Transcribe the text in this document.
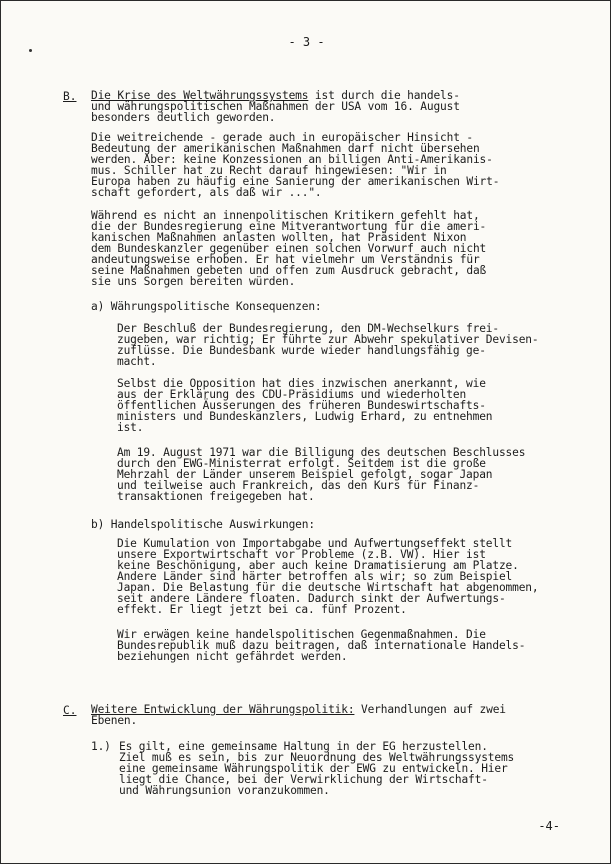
- 3 -

B. Die Krise des Weltwährungssystems ist durch die handels-

und währungspolitischen Maßnahmen der USA vom 16. August

besonders deutlich geworden.

Die weitreichende - gerade auch in europäischer Hinsicht -

Bedeutung der amerikanischen Maßnahmen darf nicht übersehen

werden. Aber: keine Konzessionen an billigen Anti-Amerikanis-

mus. Schiller hat zu Recht darauf hingewiesen: "Wir in

Europa haben zu häufig eine Sanierung der amerikanischen Wirt-

schaft gefordert, als daß wir ...".

Während es nicht an innenpolitischen Kritikern gefehlt hat,

die der Bundesregierung eine Mitverantwortung für die ameri-

kanischen Maßnahmen anlasten wollten, hat Präsident Nixon

dem Bundeskanzler gegenüber einen solchen Vorwurf auch nicht

andeutungsweise erhoben. Er hat vielmehr um Verständnis für

seine Maßnahmen gebeten und offen zum Ausdruck gebracht, daß

sie uns Sorgen bereiten würden.

a) Währungspolitische Konsequenzen:

Der Beschluß der Bundesregierung, den DM-Wechselkurs frei-

zugeben, war richtig; Er führte zur Abwehr spekulativer Devisen-

zuflüsse. Die Bundesbank wurde wieder handlungsfähig ge-

macht.

Selbst die Opposition hat dies inzwischen anerkannt, wie

aus der Erklärung des CDU-Präsidiums und wiederholten

öffentlichen Äusserungen des früheren Bundeswirtschafts-

ministers und Bundeskanzlers, Ludwig Erhard, zu entnehmen

ist.

Am 19. August 1971 war die Billigung des deutschen Beschlusses

durch den EWG-Ministerrat erfolgt. Seitdem ist die große

Mehrzahl der Länder unserem Beispiel gefolgt, sogar Japan

und teilweise auch Frankreich, das den Kurs für Finanz-

transaktionen freigegeben hat.

b) Handelspolitische Auswirkungen:

Die Kumulation von Importabgabe und Aufwertungseffekt stellt

unsere Exportwirtschaft vor Probleme (z.B. VW). Hier ist

keine Beschönigung, aber auch keine Dramatisierung am Platze.

Andere Länder sind härter betroffen als wir; so zum Beispiel

Japan. Die Belastung für die deutsche Wirtschaft hat abgenommen,

seit andere Ländere floaten. Dadurch sinkt der Aufwertungs-

effekt. Er liegt jetzt bei ca. fünf Prozent.

Wir erwägen keine handelspolitischen Gegenmaßnahmen. Die

Bundesrepublik muß dazu beitragen, daß internationale Handels-

beziehungen nicht gefährdet werden.

C. Weitere Entwicklung der Währungspolitik: Verhandlungen auf zwei

Ebenen.

1.) Es gilt, eine gemeinsame Haltung in der EG herzustellen.

Ziel muß es sein, bis zur Neuordnung des Weltwährungssystems

eine gemeinsame Währungspolitik der EWG zu entwickeln. Hier

liegt die Chance, bei der Verwirklichung der Wirtschaft-

und Währungsunion voranzukommen.

-4-
